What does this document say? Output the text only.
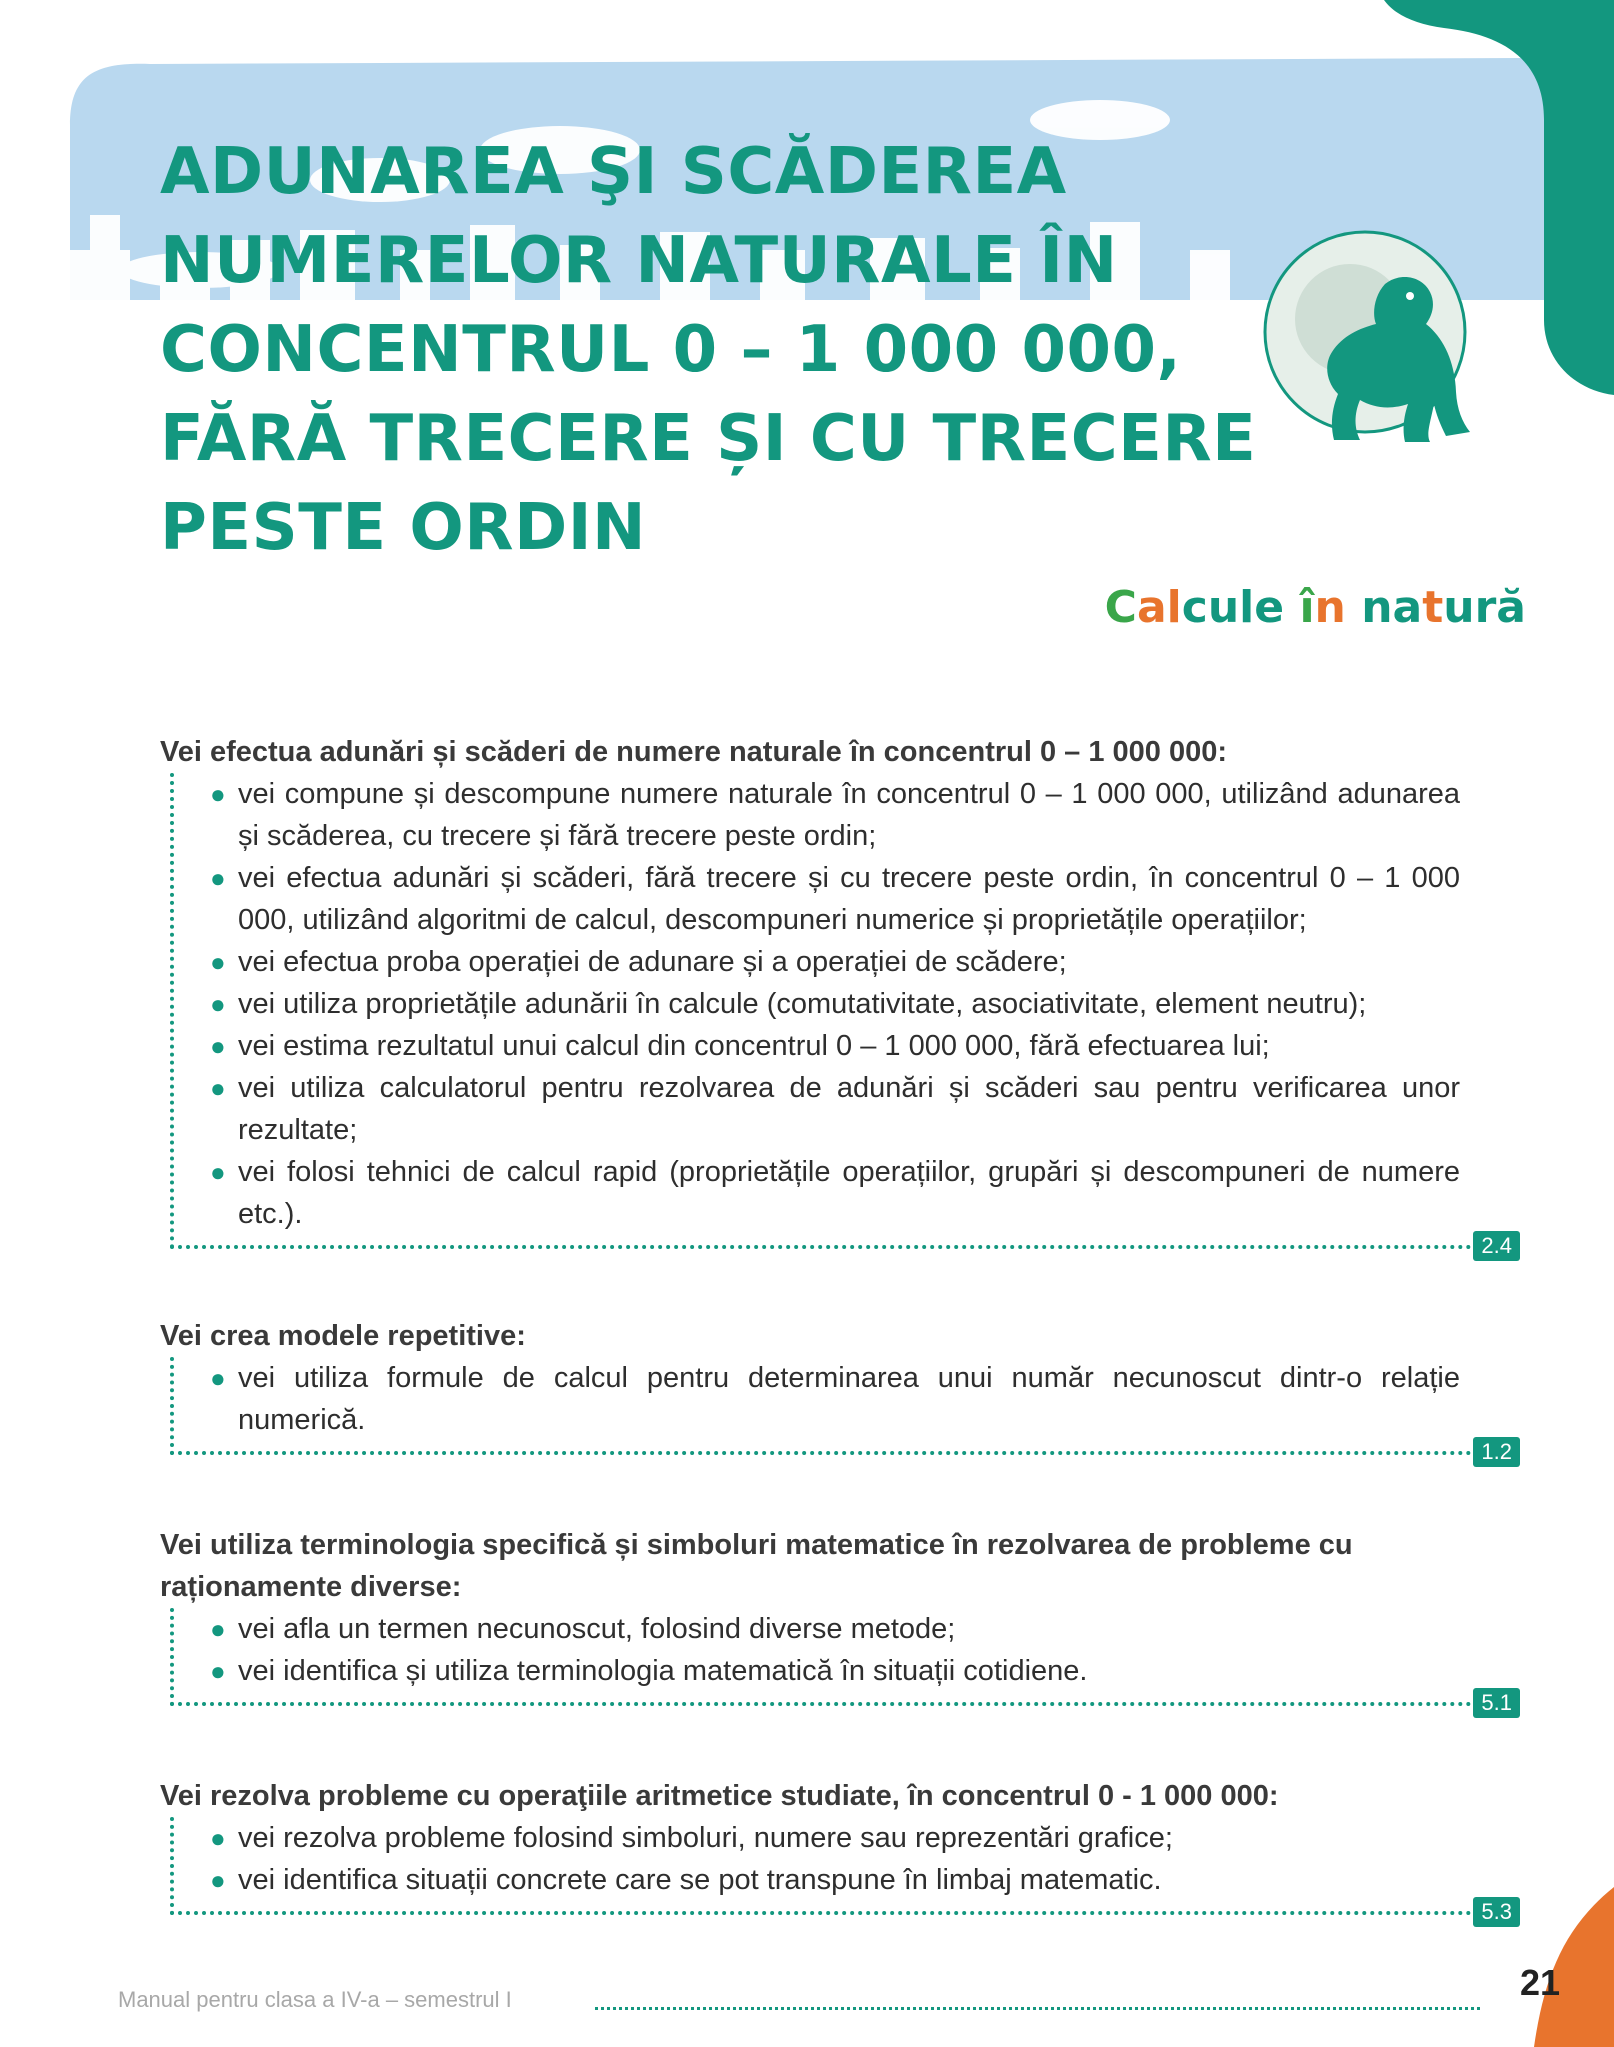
ADUNAREA ŞI SCĂDEREA
NUMERELOR NATURALE ÎN
CONCENTRUL 0 – 1 000 000,
FĂRĂ TRECERE ȘI CU TRECERE
PESTE ORDIN
Calcule în natură
Vei efectua adunări și scăderi de numere naturale în concentrul 0 – 1 000 000:
● vei compune și descompune numere naturale în concentrul 0 – 1 000 000, utilizând adunarea și scăderea, cu trecere și fără trecere peste ordin;
● vei efectua adunări și scăderi, fără trecere și cu trecere peste ordin, în concentrul 0 – 1 000 000, utilizând algoritmi de calcul, descompuneri numerice și proprietățile operațiilor;
● vei efectua proba operației de adunare și a operației de scădere;
● vei utiliza proprietățile adunării în calcule (comutativitate, asociativitate, element neutru);
● vei estima rezultatul unui calcul din concentrul 0 – 1 000 000, fără efectuarea lui;
● vei utiliza calculatorul pentru rezolvarea de adunări și scăderi sau pentru verificarea unor rezultate;
● vei folosi tehnici de calcul rapid (proprietățile operațiilor, grupări și descompuneri de numere etc.).
2.4
Vei crea modele repetitive:
● vei utiliza formule de calcul pentru determinarea unui număr necunoscut dintr-o relație numerică.
1.2
Vei utiliza terminologia specifică și simboluri matematice în rezolvarea de probleme cu raționamente diverse:
● vei afla un termen necunoscut, folosind diverse metode;
● vei identifica și utiliza terminologia matematică în situații cotidiene.
5.1
Vei rezolva probleme cu operaţiile aritmetice studiate, în concentrul 0 - 1 000 000:
● vei rezolva probleme folosind simboluri, numere sau reprezentări grafice;
● vei identifica situații concrete care se pot transpune în limbaj matematic.
5.3
Manual pentru clasa a IV-a – semestrul I	21
